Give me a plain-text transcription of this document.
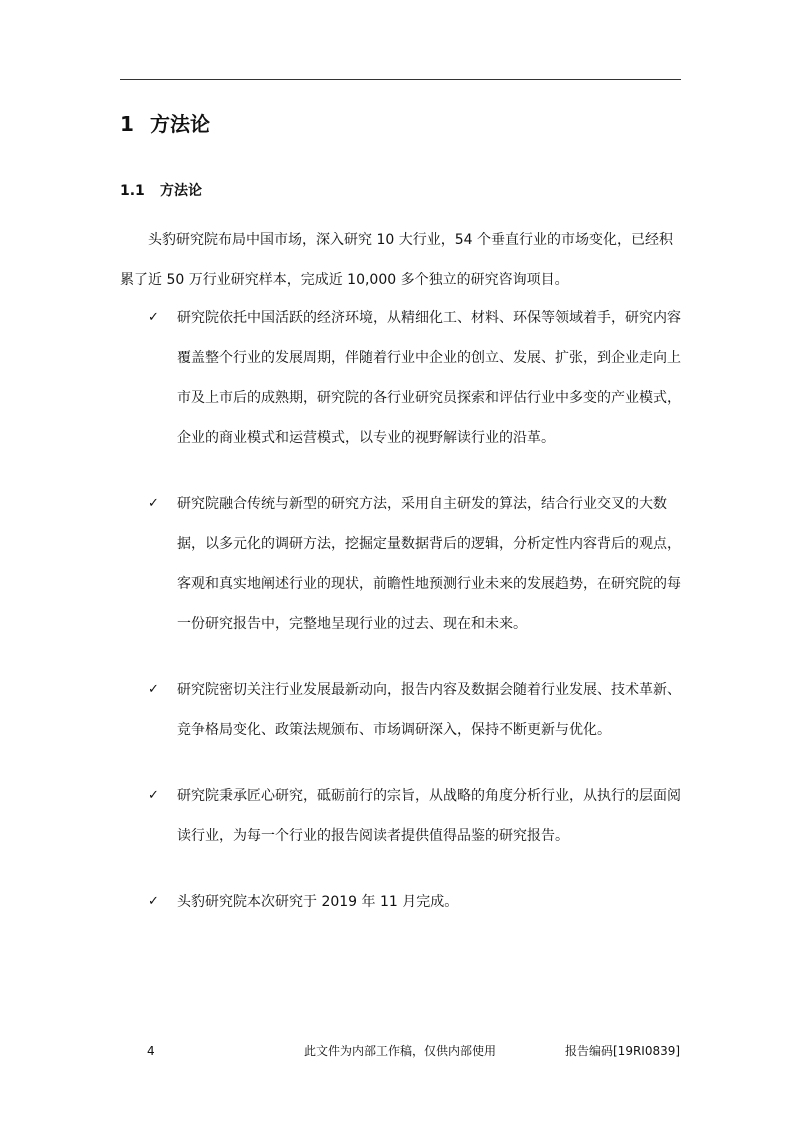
1 方法论
1.1 方法论

头豹研究院布局中国市场，深入研究 10 大行业，54 个垂直行业的市场变化，已经积累了近 50 万行业研究样本，完成近 10,000 多个独立的研究咨询项目。

✓	研究院依托中国活跃的经济环境，从精细化工、材料、环保等领域着手，研究内容覆盖整个行业的发展周期，伴随着行业中企业的创立、发展、扩张，到企业走向上市及上市后的成熟期，研究院的各行业研究员探索和评估行业中多变的产业模式，企业的商业模式和运营模式，以专业的视野解读行业的沿革。
✓	研究院融合传统与新型的研究方法，采用自主研发的算法，结合行业交叉的大数据，以多元化的调研方法，挖掘定量数据背后的逻辑，分析定性内容背后的观点，客观和真实地阐述行业的现状，前瞻性地预测行业未来的发展趋势，在研究院的每一份研究报告中，完整地呈现行业的过去、现在和未来。
✓	研究院密切关注行业发展最新动向，报告内容及数据会随着行业发展、技术革新、竞争格局变化、政策法规颁布、市场调研深入，保持不断更新与优化。
✓	研究院秉承匠心研究，砥砺前行的宗旨，从战略的角度分析行业，从执行的层面阅读行业，为每一个行业的报告阅读者提供值得品鉴的研究报告。
✓	头豹研究院本次研究于 2019 年 11 月完成。
4	此文件为内部工作稿，仅供内部使用	报告编码[19RI0839]
